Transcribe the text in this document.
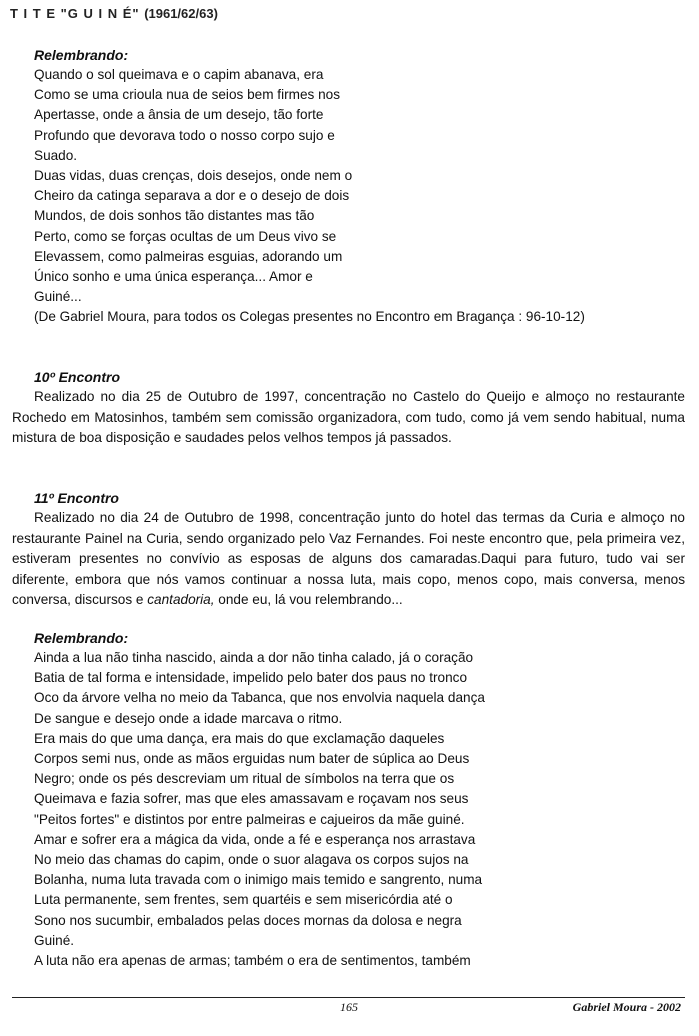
T I T E "G U I N É" (1961/62/63)

Relembrando:

Quando o sol queimava e o capim abanava, era

Como se uma crioula nua de seios bem firmes nos

Apertasse, onde a ânsia de um desejo, tão forte

Profundo que devorava todo o nosso corpo sujo e

Suado.

Duas vidas, duas crenças, dois desejos, onde nem o

Cheiro da catinga separava a dor e o desejo de dois

Mundos, de dois sonhos tão distantes mas tão

Perto, como se forças ocultas de um Deus vivo se

Elevassem, como palmeiras esguias, adorando um

Único sonho e uma única esperança... Amor e

Guiné...

(De Gabriel Moura, para todos os Colegas presentes no Encontro em Bragança : 96-10-12)

10º Encontro

Realizado no dia 25 de Outubro de 1997, concentração no Castelo do Queijo e almoço no restaurante Rochedo em Matosinhos, também sem comissão organizadora, com tudo, como já vem sendo habitual, numa mistura de boa disposição e saudades pelos velhos tempos já passados.

11º Encontro

Realizado no dia 24 de Outubro de 1998, concentração junto do hotel das termas da Curia e almoço no restaurante Painel na Curia, sendo organizado pelo Vaz Fernandes. Foi neste encontro que, pela primeira vez, estiveram presentes no convívio as esposas de alguns dos camaradas.Daqui para futuro, tudo vai ser diferente, embora que nós vamos continuar a nossa luta, mais copo, menos copo, mais conversa, menos conversa, discursos e cantadoria, onde eu, lá vou relembrando...

Relembrando:

Ainda a lua não tinha nascido, ainda a dor não tinha calado, já o coração

Batia de tal forma e intensidade, impelido pelo bater dos paus no tronco

Oco da árvore velha no meio da Tabanca, que nos envolvia naquela dança

De sangue e desejo onde a idade marcava o ritmo.

Era mais do que uma dança, era mais do que exclamação daqueles

Corpos semi nus, onde as mãos erguidas num bater de súplica ao Deus

Negro; onde os pés descreviam um ritual de símbolos na terra que os

Queimava e fazia sofrer, mas que eles amassavam e roçavam nos seus

"Peitos fortes" e distintos por entre palmeiras e cajueiros da mãe guiné.

Amar e sofrer era a mágica da vida, onde a fé e esperança nos arrastava

No meio das chamas do capim, onde o suor alagava os corpos sujos na

Bolanha, numa luta travada com o inimigo mais temido e sangrento, numa

Luta permanente, sem frentes, sem quartéis e sem misericórdia até o

Sono nos sucumbir, embalados pelas doces mornas da dolosa e negra

Guiné.

A luta não era apenas de armas; também o era de sentimentos, também

165	Gabriel Moura - 2002
